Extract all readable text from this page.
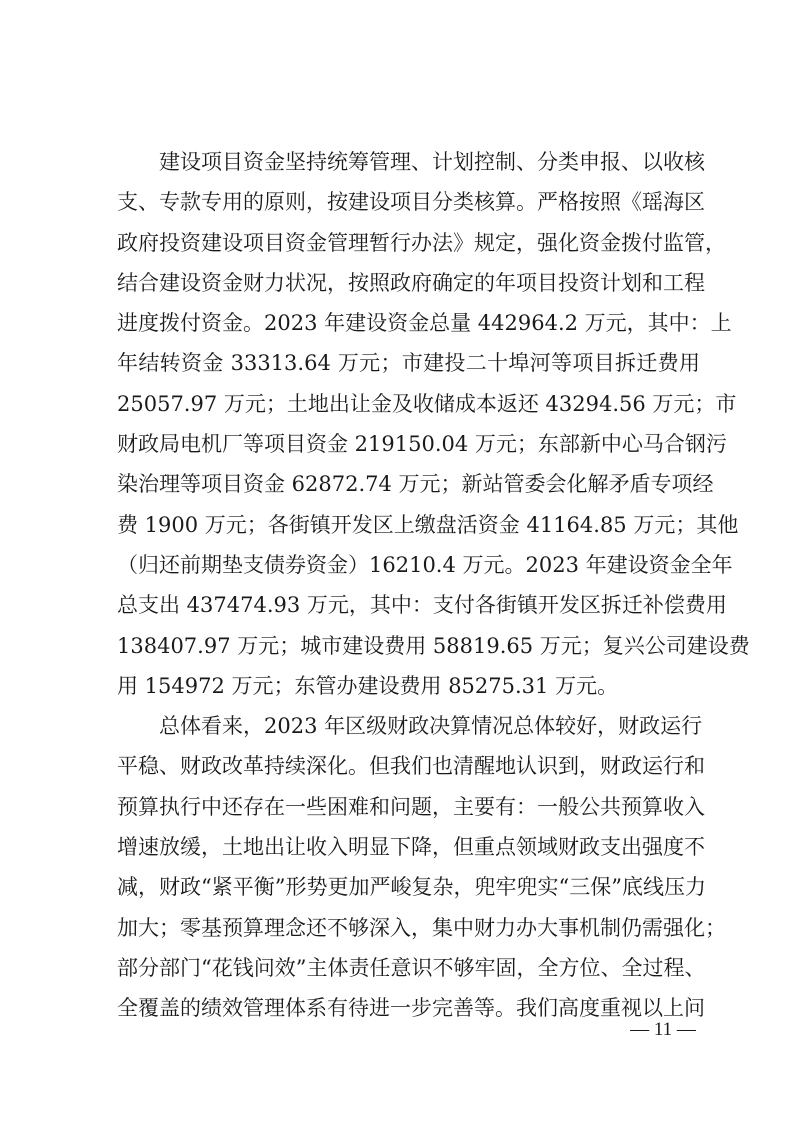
建设项目资金坚持统筹管理、计划控制、分类申报、以收核
支、专款专用的原则，按建设项目分类核算。严格按照《瑶海区
政府投资建设项目资金管理暂行办法》规定，强化资金拨付监管，
结合建设资金财力状况，按照政府确定的年项目投资计划和工程
进度拨付资金。2023 年建设资金总量 442964.2 万元，其中：上
年结转资金 33313.64 万元；市建投二十埠河等项目拆迁费用
25057.97 万元；土地出让金及收储成本返还 43294.56 万元；市
财政局电机厂等项目资金 219150.04 万元；东部新中心马合钢污
染治理等项目资金 62872.74 万元；新站管委会化解矛盾专项经
费 1900 万元；各街镇开发区上缴盘活资金 41164.85 万元；其他
（归还前期垫支债券资金）16210.4 万元。2023 年建设资金全年
总支出 437474.93 万元，其中：支付各街镇开发区拆迁补偿费用
138407.97 万元；城市建设费用 58819.65 万元；复兴公司建设费
用 154972 万元；东管办建设费用 85275.31 万元。
总体看来，2023 年区级财政决算情况总体较好，财政运行
平稳、财政改革持续深化。但我们也清醒地认识到，财政运行和
预算执行中还存在一些困难和问题，主要有：一般公共预算收入
增速放缓，土地出让收入明显下降，但重点领域财政支出强度不
减，财政“紧平衡”形势更加严峻复杂，兜牢兜实“三保”底线压力
加大；零基预算理念还不够深入，集中财力办大事机制仍需强化；
部分部门“花钱问效”主体责任意识不够牢固，全方位、全过程、
全覆盖的绩效管理体系有待进一步完善等。我们高度重视以上问
— 11 —
